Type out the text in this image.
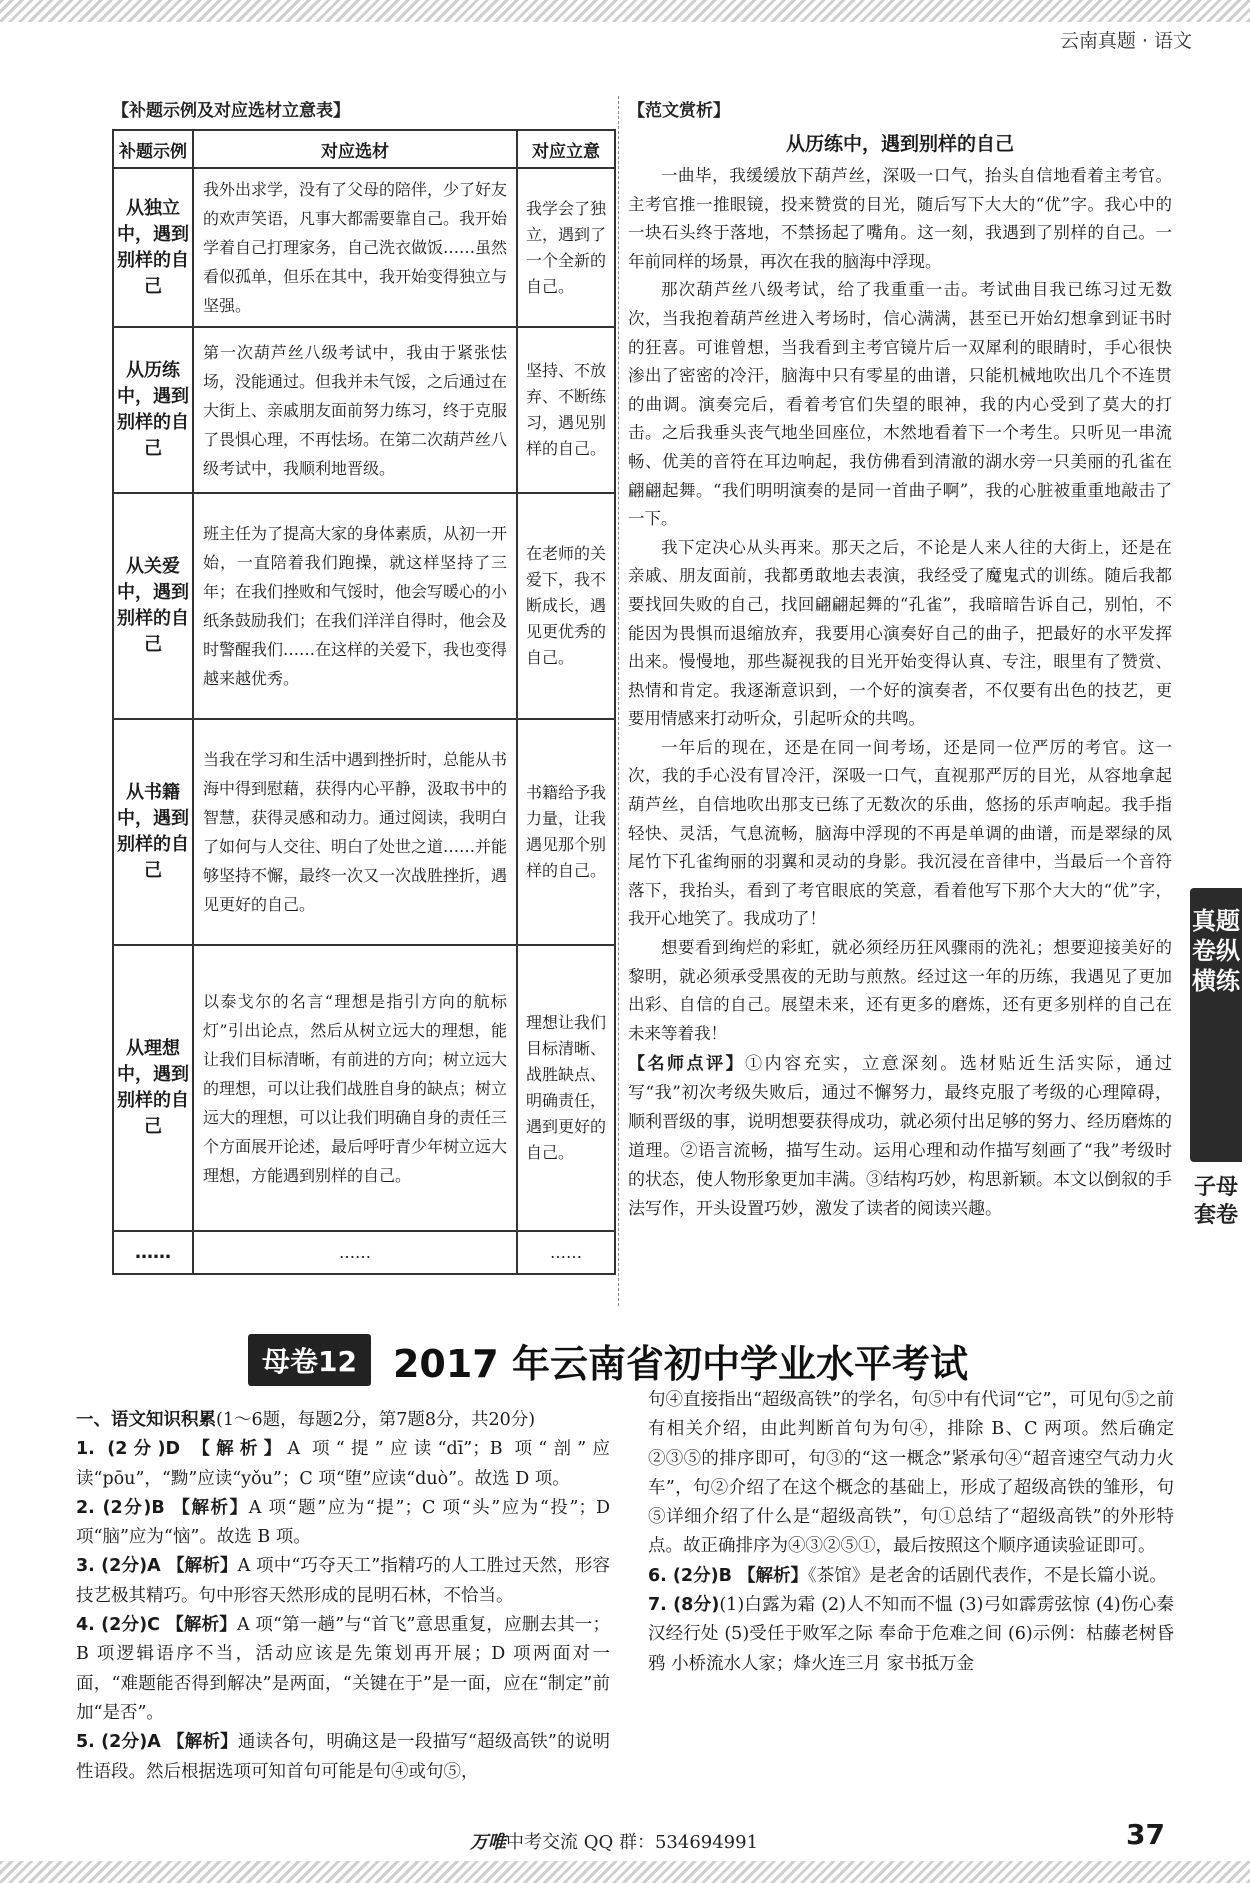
云南真题 · 语文
【补题示例及对应选材立意表】
补题示例	对应选材	对应立意
从独立中，遇到别样的自己	我外出求学，没有了父母的陪伴，少了好友的欢声笑语，凡事大都需要靠自己。我开始学着自己打理家务，自己洗衣做饭……虽然看似孤单，但乐在其中，我开始变得独立与坚强。	我学会了独立，遇到了一个全新的自己。
从历练中，遇到别样的自己	第一次葫芦丝八级考试中，我由于紧张怯场，没能通过。但我并未气馁，之后通过在大街上、亲戚朋友面前努力练习，终于克服了畏惧心理，不再怯场。在第二次葫芦丝八级考试中，我顺利地晋级。	坚持、不放弃、不断练习，遇见别样的自己。
从关爱中，遇到别样的自己	班主任为了提高大家的身体素质，从初一开始，一直陪着我们跑操，就这样坚持了三年；在我们挫败和气馁时，他会写暖心的小纸条鼓励我们；在我们洋洋自得时，他会及时警醒我们……在这样的关爱下，我也变得越来越优秀。	在老师的关爱下，我不断成长，遇见更优秀的自己。
从书籍中，遇到别样的自己	当我在学习和生活中遇到挫折时，总能从书海中得到慰藉，获得内心平静，汲取书中的智慧，获得灵感和动力。通过阅读，我明白了如何与人交往、明白了处世之道……并能够坚持不懈，最终一次又一次战胜挫折，遇见更好的自己。	书籍给予我力量，让我遇见那个别样的自己。
从理想中，遇到别样的自己	以泰戈尔的名言“理想是指引方向的航标灯”引出论点，然后从树立远大的理想，能让我们目标清晰，有前进的方向；树立远大的理想，可以让我们战胜自身的缺点；树立远大的理想，可以让我们明确自身的责任三个方面展开论述，最后呼吁青少年树立远大理想，方能遇到别样的自己。	理想让我们目标清晰、战胜缺点、明确责任，遇到更好的自己。
……	……	……
【范文赏析】
从历练中，遇到别样的自己

一曲毕，我缓缓放下葫芦丝，深吸一口气，抬头自信地看着主考官。主考官推一推眼镜，投来赞赏的目光，随后写下大大的“优”字。我心中的一块石头终于落地，不禁扬起了嘴角。这一刻，我遇到了别样的自己。一年前同样的场景，再次在我的脑海中浮现。

那次葫芦丝八级考试，给了我重重一击。考试曲目我已练习过无数次，当我抱着葫芦丝进入考场时，信心满满，甚至已开始幻想拿到证书时的狂喜。可谁曾想，当我看到主考官镜片后一双犀利的眼睛时，手心很快渗出了密密的冷汗，脑海中只有零星的曲谱，只能机械地吹出几个不连贯的曲调。演奏完后，看着考官们失望的眼神，我的内心受到了莫大的打击。之后我垂头丧气地坐回座位，木然地看着下一个考生。只听见一串流畅、优美的音符在耳边响起，我仿佛看到清澈的湖水旁一只美丽的孔雀在翩翩起舞。“我们明明演奏的是同一首曲子啊”，我的心脏被重重地敲击了一下。

我下定决心从头再来。那天之后，不论是人来人往的大街上，还是在亲戚、朋友面前，我都勇敢地去表演，我经受了魔鬼式的训练。随后我都要找回失败的自己，找回翩翩起舞的“孔雀”，我暗暗告诉自己，别怕，不能因为畏惧而退缩放弃，我要用心演奏好自己的曲子，把最好的水平发挥出来。慢慢地，那些凝视我的目光开始变得认真、专注，眼里有了赞赏、热情和肯定。我逐渐意识到，一个好的演奏者，不仅要有出色的技艺，更要用情感来打动听众，引起听众的共鸣。

一年后的现在，还是在同一间考场，还是同一位严厉的考官。这一次，我的手心没有冒冷汗，深吸一口气，直视那严厉的目光，从容地拿起葫芦丝，自信地吹出那支已练了无数次的乐曲，悠扬的乐声响起。我手指轻快、灵活，气息流畅，脑海中浮现的不再是单调的曲谱，而是翠绿的凤尾竹下孔雀绚丽的羽翼和灵动的身影。我沉浸在音律中，当最后一个音符落下，我抬头，看到了考官眼底的笑意，看着他写下那个大大的“优”字，我开心地笑了。我成功了！

想要看到绚烂的彩虹，就必须经历狂风骤雨的洗礼；想要迎接美好的黎明，就必须承受黑夜的无助与煎熬。经过这一年的历练，我遇见了更加出彩、自信的自己。展望未来，还有更多的磨炼，还有更多别样的自己在未来等着我！

【名师点评】①内容充实，立意深刻。选材贴近生活实际，通过写“我”初次考级失败后，通过不懈努力，最终克服了考级的心理障碍，顺利晋级的事，说明想要获得成功，就必须付出足够的努力、经历磨炼的道理。②语言流畅，描写生动。运用心理和动作描写刻画了“我”考级时的状态，使人物形象更加丰满。③结构巧妙，构思新颖。本文以倒叙的手法写作，开头设置巧妙，激发了读者的阅读兴趣。
真题卷纵横练
子母套卷
母卷12 2017 年云南省初中学业水平考试

一、语文知识积累(1～6题，每题2分，第7题8分，共20分)

1. (2分)D 【解析】A 项“提”应读“dī”；B 项“剖”应读“pōu”，“黝”应读“yǒu”；C 项“堕”应读“duò”。故选 D 项。

2. (2分)B 【解析】A 项“题”应为“提”；C 项“头”应为“投”；D 项“脑”应为“恼”。故选 B 项。

3. (2分)A 【解析】A 项中“巧夺天工”指精巧的人工胜过天然，形容技艺极其精巧。句中形容天然形成的昆明石林，不恰当。

4. (2分)C 【解析】A 项“第一趟”与“首飞”意思重复，应删去其一；B 项逻辑语序不当，活动应该是先策划再开展；D 项两面对一面，“难题能否得到解决”是两面，“关键在于”是一面，应在“制定”前加“是否”。

5. (2分)A 【解析】通读各句，明确这是一段描写“超级高铁”的说明性语段。然后根据选项可知首句可能是句④或句⑤，

句④直接指出“超级高铁”的学名，句⑤中有代词“它”，可见句⑤之前有相关介绍，由此判断首句为句④，排除 B、C 两项。然后确定②③⑤的排序即可，句③的“这一概念”紧承句④“超音速空气动力火车”，句②介绍了在这个概念的基础上，形成了超级高铁的雏形，句⑤详细介绍了什么是“超级高铁”，句①总结了“超级高铁”的外形特点。故正确排序为④③②⑤①，最后按照这个顺序通读验证即可。

6. (2分)B 【解析】《茶馆》是老舍的话剧代表作，不是长篇小说。

7. (8分)(1)白露为霜 (2)人不知而不愠 (3)弓如霹雳弦惊 (4)伤心秦汉经行处 (5)受任于败军之际 奉命于危难之间 (6)示例：枯藤老树昏鸦 小桥流水人家；烽火连三月 家书抵万金

万唯中考交流 QQ 群：534694991	37
